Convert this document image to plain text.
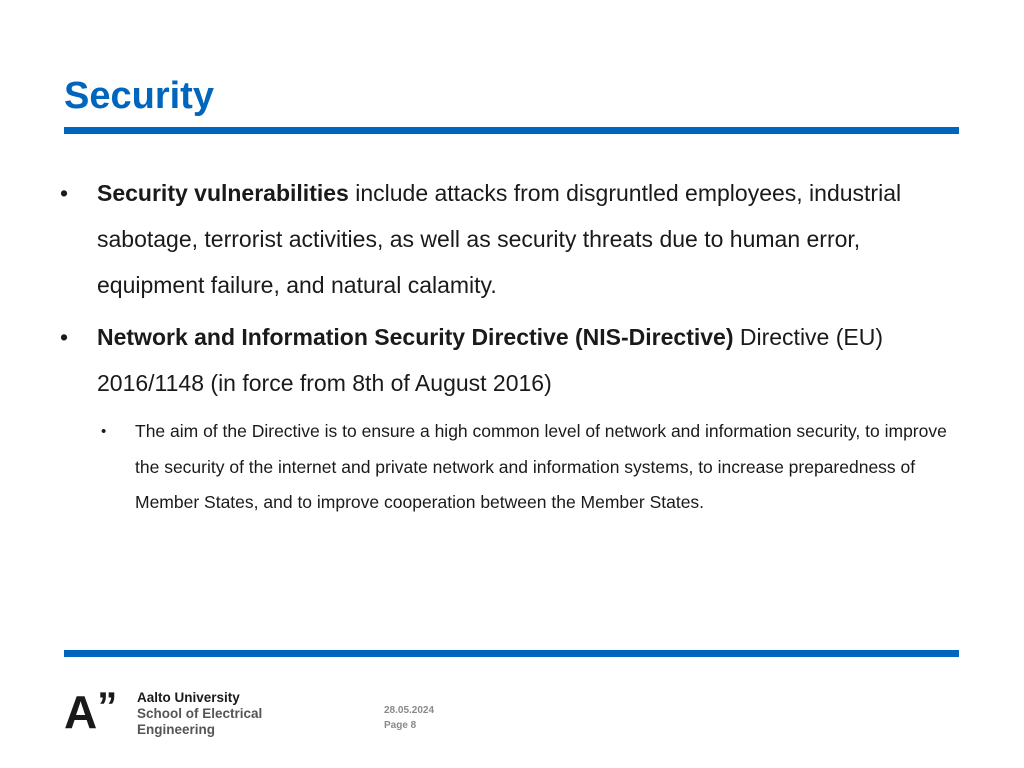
Security
• Security vulnerabilities include attacks from disgruntled employees, industrial sabotage, terrorist activities, as well as security threats due to human error, equipment failure, and natural calamity.
• Network and Information Security Directive (NIS-Directive) Directive (EU) 2016/1148 (in force from 8th of August 2016)
• The aim of the Directive is to ensure a high common level of network and information security, to improve the security of the internet and private network and information systems, to increase preparedness of Member States, and to improve cooperation between the Member States.
A” Aalto University
School of Electrical
Engineering
28.05.2024
Page 8
